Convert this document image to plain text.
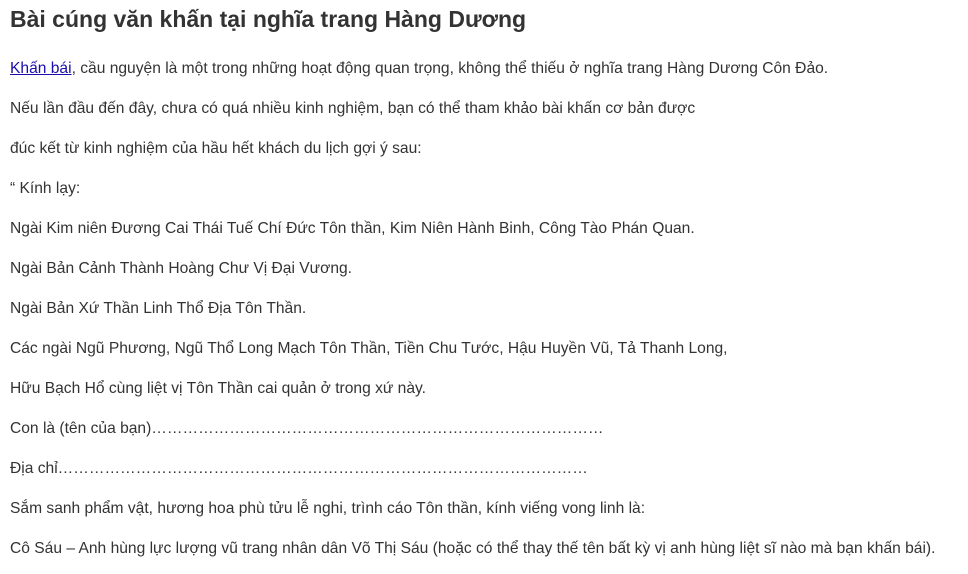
Bài cúng văn khấn tại nghĩa trang Hàng Dương

Khấn bái, cầu nguyện là một trong những hoạt động quan trọng, không thể thiếu ở nghĩa trang Hàng Dương Côn Đảo.

Nếu lần đầu đến đây, chưa có quá nhiều kinh nghiệm, bạn có thể tham khảo bài khấn cơ bản được

đúc kết từ kinh nghiệm của hầu hết khách du lịch gợi ý sau:

“ Kính lạy:

Ngài Kim niên Đương Cai Thái Tuế Chí Đức Tôn thần, Kim Niên Hành Binh, Công Tào Phán Quan.

Ngài Bản Cảnh Thành Hoàng Chư Vị Đại Vương.

Ngài Bản Xứ Thần Linh Thổ Địa Tôn Thần.

Các ngài Ngũ Phương, Ngũ Thổ Long Mạch Tôn Thần, Tiền Chu Tước, Hậu Huyền Vũ, Tả Thanh Long,

Hữu Bạch Hổ cùng liệt vị Tôn Thần cai quản ở trong xứ này.

Con là (tên của bạn)……………………………………………………………………………

Địa chỉ…………………………………………………………………………………………

Sắm sanh phẩm vật, hương hoa phù tửu lễ nghi, trình cáo Tôn thần, kính viếng vong linh là:

Cô Sáu – Anh hùng lực lượng vũ trang nhân dân Võ Thị Sáu (hoặc có thể thay thế tên bất kỳ vị anh hùng liệt sĩ nào mà bạn khấn bái).
